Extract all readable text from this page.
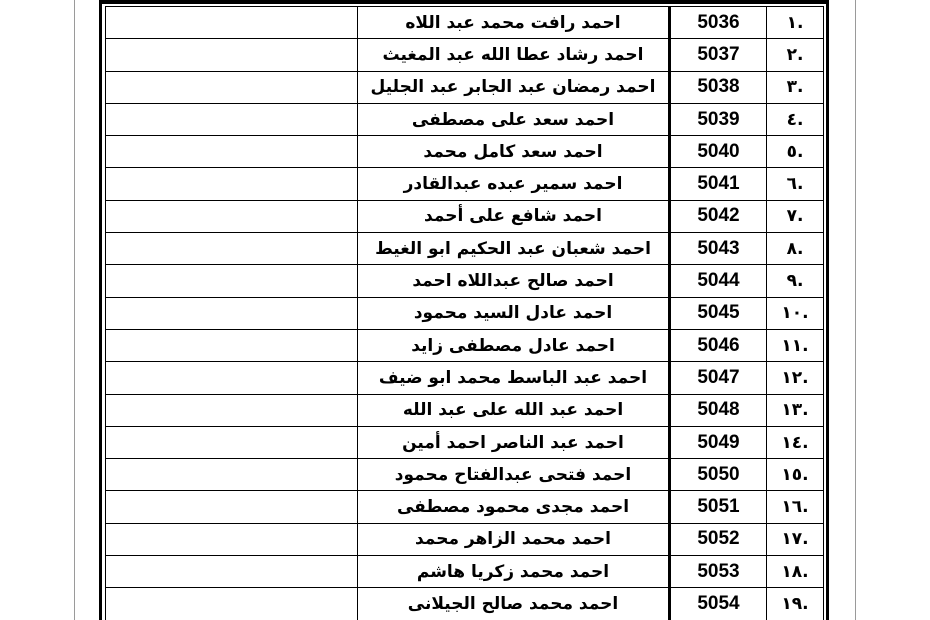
.١	5036	احمد رافت محمد عبد اللاه	
.٢	5037	احمد رشاد عطا الله عبد المغيث	
.٣	5038	احمد رمضان عبد الجابر عبد الجليل	
.٤	5039	احمد سعد على مصطفى	
.٥	5040	احمد سعد كامل محمد	
.٦	5041	احمد سمير عبده عبدالقادر	
.٧	5042	احمد شافع على أحمد	
.٨	5043	احمد شعبان عبد الحكيم ابو الغيط	
.٩	5044	احمد صالح عبداللاه احمد	
.١٠	5045	احمد عادل السيد محمود	
.١١	5046	احمد عادل مصطفى زايد	
.١٢	5047	احمد عبد الباسط محمد ابو ضيف	
.١٣	5048	احمد عبد الله على عبد الله	
.١٤	5049	احمد عبد الناصر احمد أمين	
.١٥	5050	احمد فتحى عبدالفتاح محمود	
.١٦	5051	احمد مجدى محمود مصطفى	
.١٧	5052	احمد محمد الزاهر محمد	
.١٨	5053	احمد محمد زكريا هاشم	
.١٩	5054	احمد محمد صالح الجيلانى	
